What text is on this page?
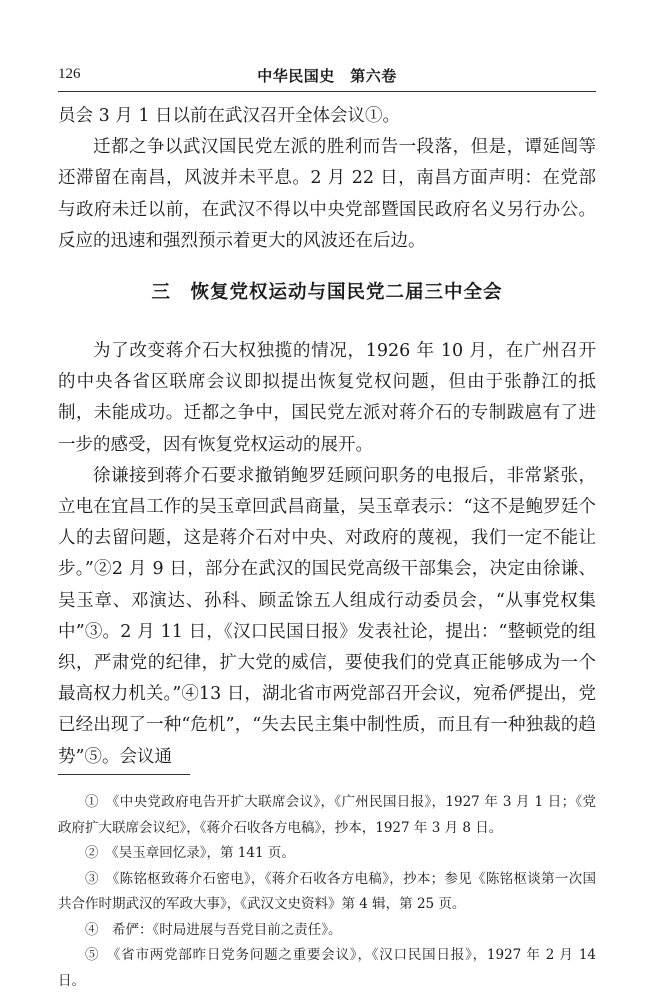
126	中华民国史　第六卷

员会 3 月 1 日以前在武汉召开全体会议①。

迁都之争以武汉国民党左派的胜利而告一段落，但是，谭延闿等还滞留在南昌，风波并未平息。2 月 22 日，南昌方面声明：在党部与政府未迁以前，在武汉不得以中央党部暨国民政府名义另行办公。反应的迅速和强烈预示着更大的风波还在后边。

三　恢复党权运动与国民党二届三中全会

为了改变蒋介石大权独揽的情况，1926 年 10 月，在广州召开的中央各省区联席会议即拟提出恢复党权问题，但由于张静江的抵制，未能成功。迁都之争中，国民党左派对蒋介石的专制跋扈有了进一步的感受，因有恢复党权运动的展开。

徐谦接到蒋介石要求撤销鲍罗廷顾问职务的电报后，非常紧张，立电在宜昌工作的吴玉章回武昌商量，吴玉章表示：“这不是鲍罗廷个人的去留问题，这是蒋介石对中央、对政府的蔑视，我们一定不能让步。”②2 月 9 日，部分在武汉的国民党高级干部集会，决定由徐谦、吴玉章、邓演达、孙科、顾孟馀五人组成行动委员会，“从事党权集中”③。2 月 11 日，《汉口民国日报》发表社论，提出：“整顿党的组织，严肃党的纪律，扩大党的威信，要使我们的党真正能够成为一个最高权力机关。”④13 日，湖北省市两党部召开会议，宛希俨提出，党已经出现了一种“危机”，“失去民主集中制性质，而且有一种独裁的趋势”⑤。会议通

①　《中央党政府电告开扩大联席会议》，《广州民国日报》，1927 年 3 月 1 日；《党政府扩大联席会议纪》，《蒋介石收各方电稿》，抄本，1927 年 3 月 8 日。

②　《吴玉章回忆录》，第 141 页。

③　《陈铭枢致蒋介石密电》，《蒋介石收各方电稿》，抄本；参见《陈铭枢谈第一次国共合作时期武汉的军政大事》，《武汉文史资料》第 4 辑，第 25 页。

④　希俨：《时局进展与吾党目前之责任》。

⑤　《省市两党部昨日党务问题之重要会议》，《汉口民国日报》，1927 年 2 月 14 日。
